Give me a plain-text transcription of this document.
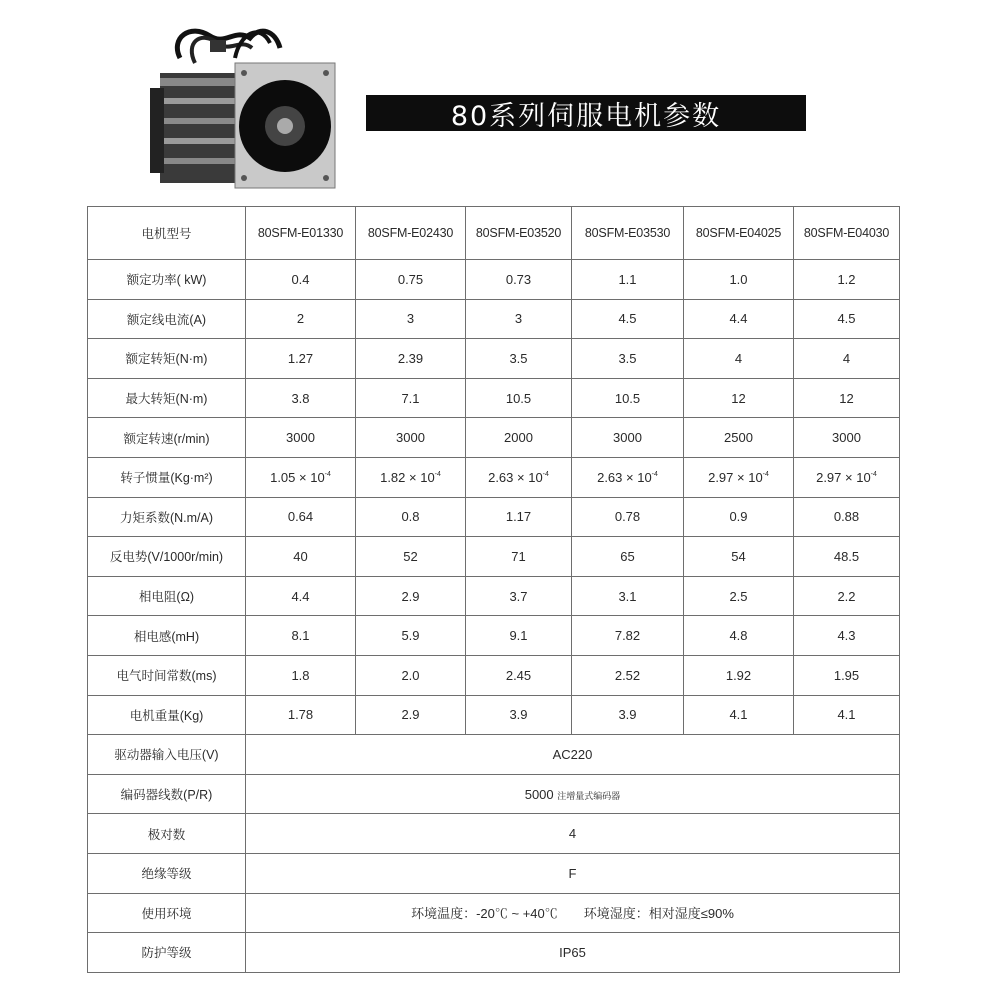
80系列伺服电机参数
电机型号	80SFM-E01330	80SFM-E02430	80SFM-E03520	80SFM-E03530	80SFM-E04025	80SFM-E04030
额定功率( kW)	0.4	0.75	0.73	1.1	1.0	1.2
额定线电流(A)	2	3	3	4.5	4.4	4.5
额定转矩(N·m)	1.27	2.39	3.5	3.5	4	4
最大转矩(N·m)	3.8	7.1	10.5	10.5	12	12
额定转速(r/min)	3000	3000	2000	3000	2500	3000
转子惯量(Kg·m²)	$1.05 \times 10^{-4}$	$1.82 \times 10^{-4}$	$2.63 \times 10^{-4}$	$2.63 \times 10^{-4}$	$2.97 \times 10^{-4}$	$2.97 \times 10^{-4}$
力矩系数(N.m/A)	0.64	0.8	1.17	0.78	0.9	0.88
反电势(V/1000r/min)	40	52	71	65	54	48.5
相电阻(Ω)	4.4	2.9	3.7	3.1	2.5	2.2
相电感(mH)	8.1	5.9	9.1	7.82	4.8	4.3
电气时间常数(ms)	1.8	2.0	2.45	2.52	1.92	1.95
电机重量(Kg)	1.78	2.9	3.9	3.9	4.1	4.1
驱动器输入电压(V)	AC220					
编码器线数(P/R)	5000 注增量式编码器					
极对数	4					
绝缘等级	F					
使用环境	环境温度：-20℃ ~ +40℃　　环境湿度：相对湿度≤90%					
防护等级	IP65					
